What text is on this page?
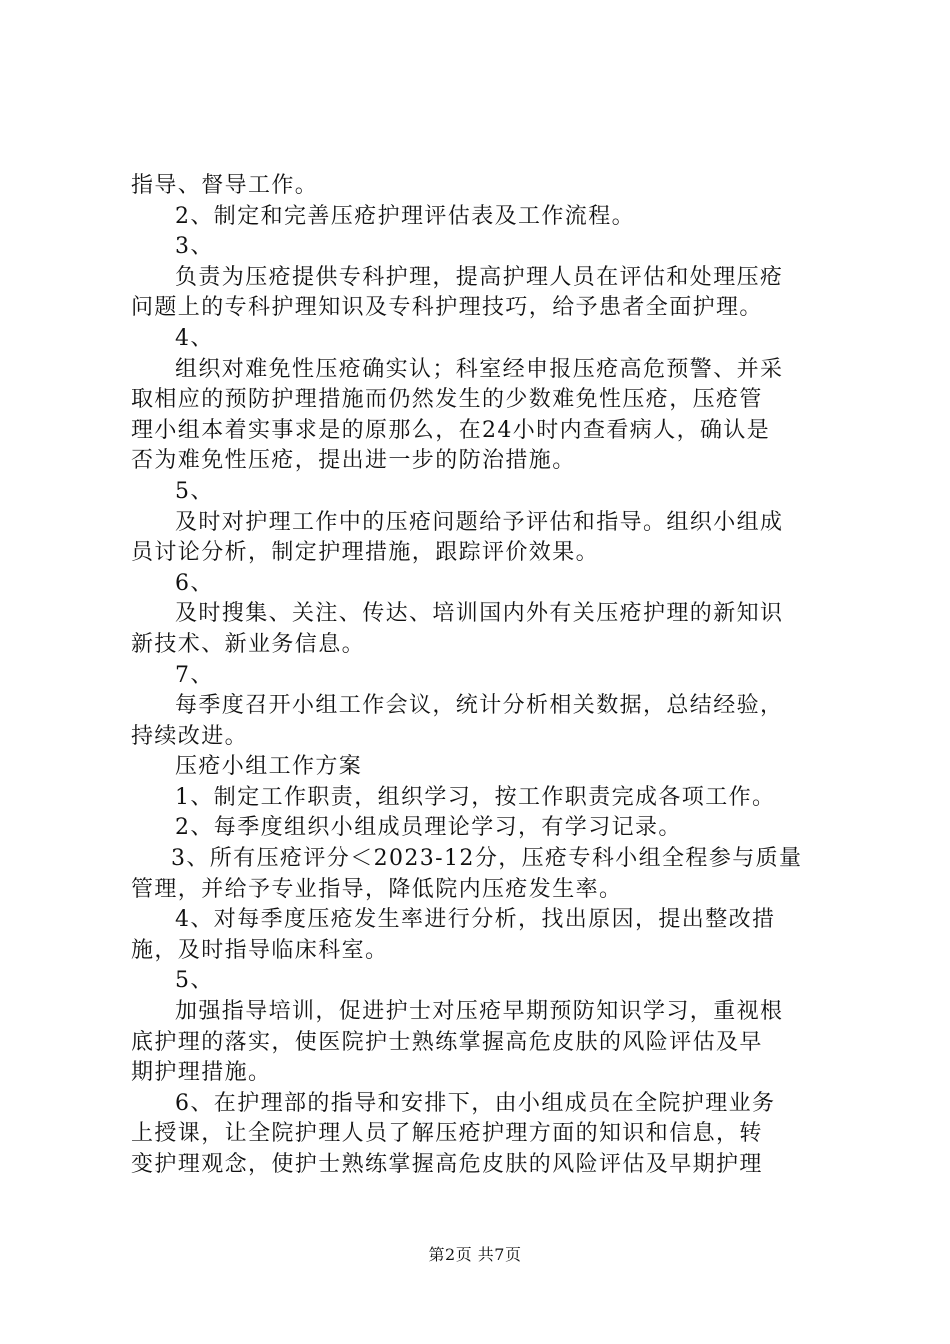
指导、督导工作。
2、制定和完善压疮护理评估表及工作流程。
3、
负责为压疮提供专科护理，提高护理人员在评估和处理压疮
问题上的专科护理知识及专科护理技巧，给予患者全面护理。
4、
组织对难免性压疮确实认；科室经申报压疮高危预警、并采
取相应的预防护理措施而仍然发生的少数难免性压疮，压疮管
理小组本着实事求是的原那么，在24小时内查看病人，确认是
否为难免性压疮，提出进一步的防治措施。
5、
及时对护理工作中的压疮问题给予评估和指导。组织小组成
员讨论分析，制定护理措施，跟踪评价效果。
6、
及时搜集、关注、传达、培训国内外有关压疮护理的新知识
新技术、新业务信息。
7、
每季度召开小组工作会议，统计分析相关数据，总结经验，
持续改进。
压疮小组工作方案
1、制定工作职责，组织学习，按工作职责完成各项工作。
2、每季度组织小组成员理论学习，有学习记录。
3、所有压疮评分＜2023-12分，压疮专科小组全程参与质量
管理，并给予专业指导，降低院内压疮发生率。
4、对每季度压疮发生率进行分析，找出原因，提出整改措
施，及时指导临床科室。
5、
加强指导培训，促进护士对压疮早期预防知识学习，重视根
底护理的落实，使医院护士熟练掌握高危皮肤的风险评估及早
期护理措施。
6、在护理部的指导和安排下，由小组成员在全院护理业务
上授课，让全院护理人员了解压疮护理方面的知识和信息，转
变护理观念，使护士熟练掌握高危皮肤的风险评估及早期护理
第2页 共7页
